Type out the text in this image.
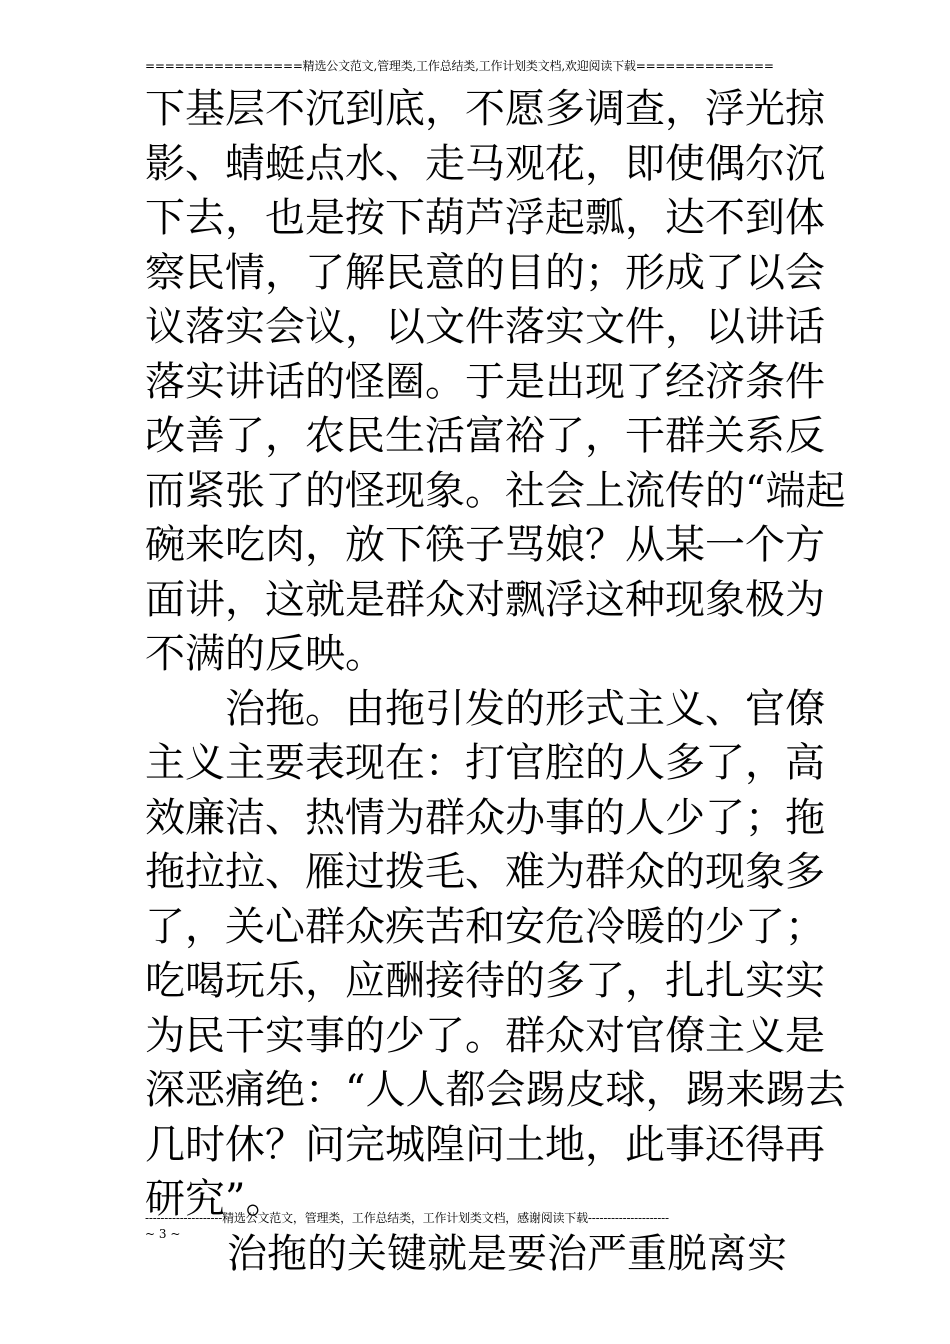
================精选公文范文,管理类,工作总结类,工作计划类文档,欢迎阅读下载==============
下基层不沉到底，不愿多调查，浮光掠
影、蜻蜓点水、走马观花，即使偶尔沉
下去，也是按下葫芦浮起瓢，达不到体
察民情，了解民意的目的；形成了以会
议落实会议，以文件落实文件，以讲话
落实讲话的怪圈。于是出现了经济条件
改善了，农民生活富裕了，干群关系反
而紧张了的怪现象。社会上流传的“端起
碗来吃肉，放下筷子骂娘？从某一个方
面讲，这就是群众对飘浮这种现象极为
不满的反映。
治拖。由拖引发的形式主义、官僚
主义主要表现在：打官腔的人多了，高
效廉洁、热情为群众办事的人少了；拖
拖拉拉、雁过拨毛、难为群众的现象多
了，关心群众疾苦和安危冷暖的少了；
吃喝玩乐，应酬接待的多了，扎扎实实
为民干实事的少了。群众对官僚主义是
深恶痛绝：“人人都会踢皮球，踢来踢去
几时休？问完城隍问土地，此事还得再
研究”。
治拖的关键就是要治严重脱离实
--------------------精选公文范文，管理类，工作总结类，工作计划类文档，感谢阅读下载---------------------
~ 3 ~
